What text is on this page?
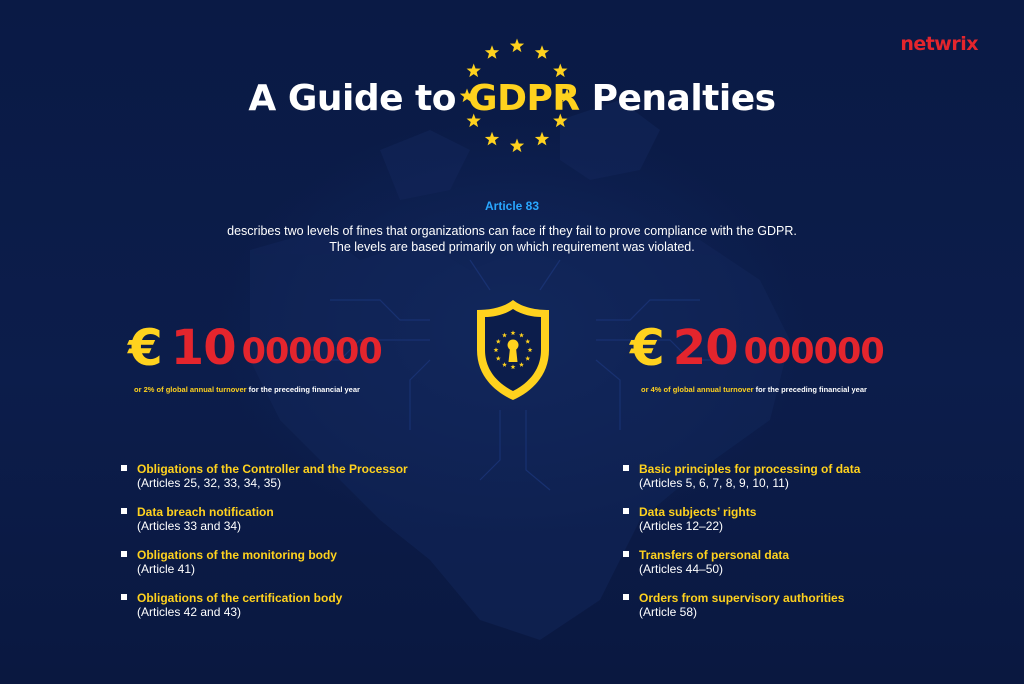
netwrix
A Guide to GDPR Penalties
Article 83
describes two levels of fines that organizations can face if they fail to prove compliance with the GDPR.
The levels are based primarily on which requirement was violated.
€ 10 000000
or 2% of global annual turnover for the preceding financial year
€ 20 000000
or 4% of global annual turnover for the preceding financial year
Obligations of the Controller and the Processor
(Articles 25, 32, 33, 34, 35)
Data breach notification
(Articles 33 and 34)
Obligations of the monitoring body
(Article 41)
Obligations of the certification body
(Articles 42 and 43)
Basic principles for processing of data
(Articles 5, 6, 7, 8, 9, 10, 11)
Data subjects’ rights
(Articles 12–22)
Transfers of personal data
(Articles 44–50)
Orders from supervisory authorities
(Article 58)
